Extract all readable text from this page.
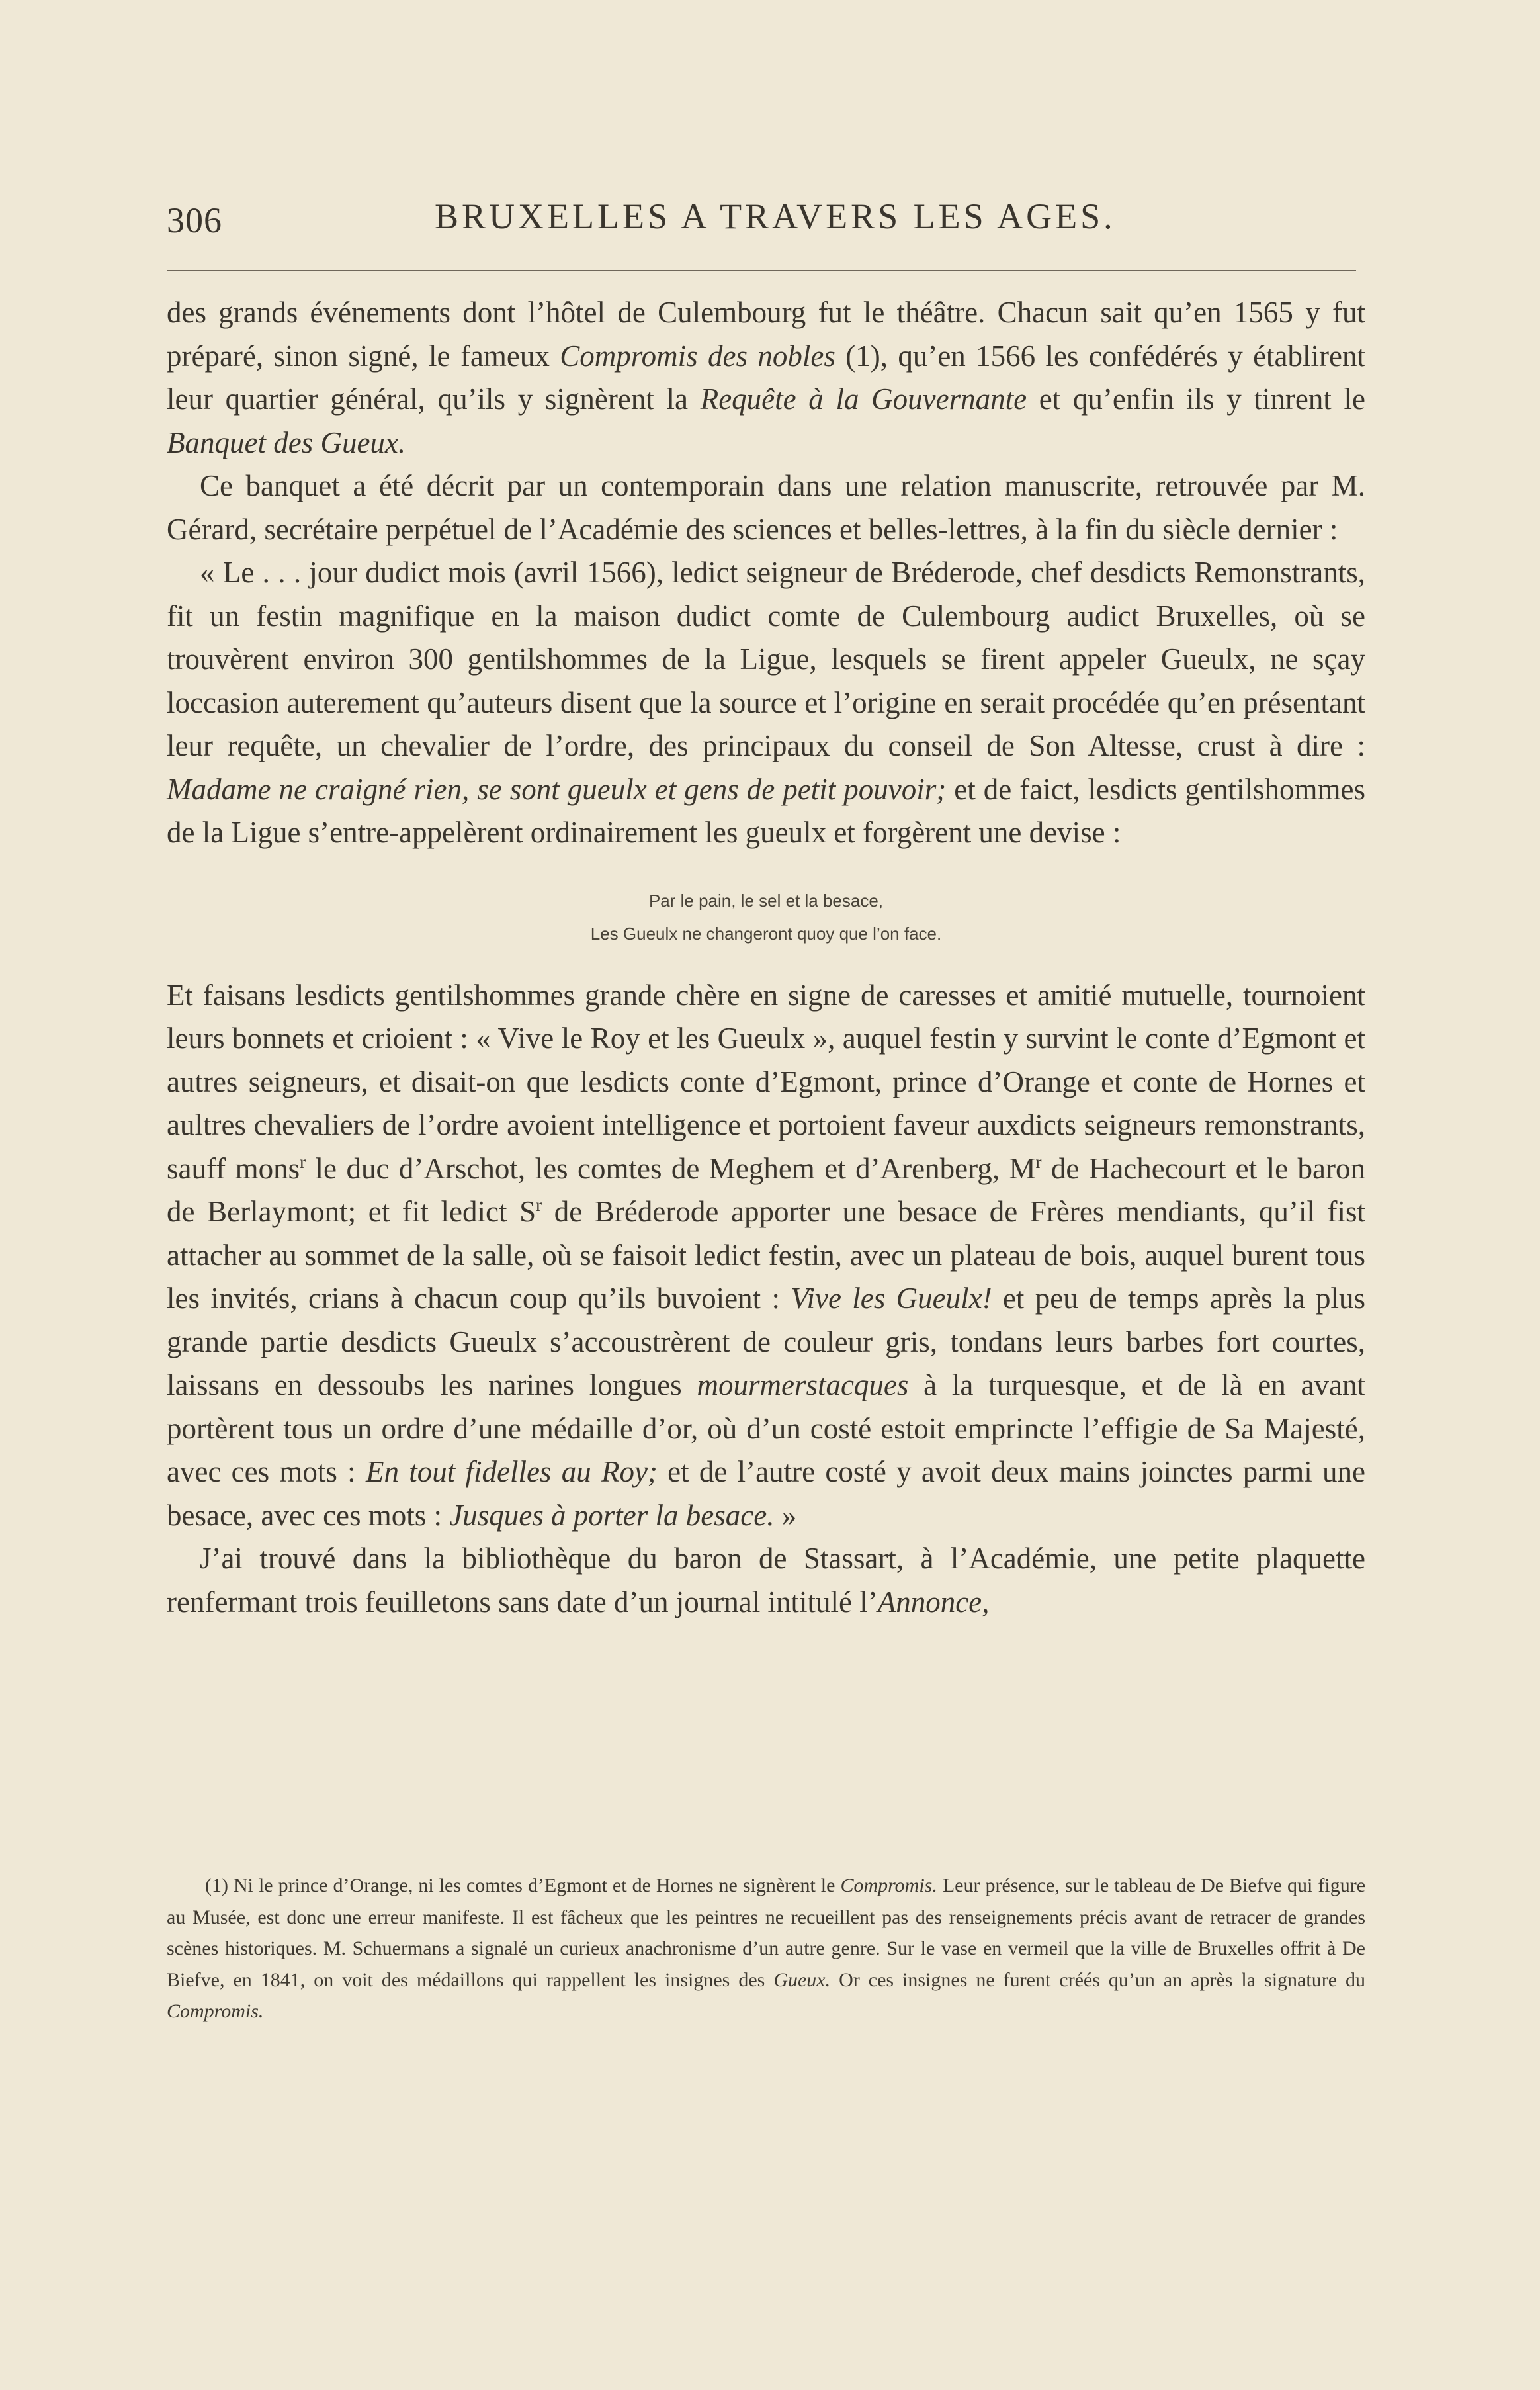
306	BRUXELLES A TRAVERS LES AGES.

des grands événements dont l’hôtel de Culembourg fut le théâtre. Chacun sait qu’en 1565 y fut préparé, sinon signé, le fameux Compromis des nobles (1), qu’en 1566 les confédérés y établirent leur quartier général, qu’ils y signèrent la Requête à la Gouvernante et qu’enfin ils y tinrent le Banquet des Gueux.

Ce banquet a été décrit par un contemporain dans une relation manuscrite, retrouvée par M. Gérard, secrétaire perpétuel de l’Académie des sciences et belles-lettres, à la fin du siècle dernier :

« Le . . . jour dudict mois (avril 1566), ledict seigneur de Bréderode, chef desdicts Remonstrants, fit un festin magnifique en la maison dudict comte de Culembourg audict Bruxelles, où se trouvèrent environ 300 gentilshommes de la Ligue, lesquels se firent appeler Gueulx, ne sçay loccasion auterement qu’auteurs disent que la source et l’origine en serait procédée qu’en présentant leur requête, un chevalier de l’ordre, des principaux du conseil de Son Altesse, crust à dire : Madame ne craigné rien, se sont gueulx et gens de petit pouvoir; et de faict, lesdicts gentilshommes de la Ligue s’entre-appelèrent ordinairement les gueulx et forgèrent une devise :

Par le pain, le sel et la besace,
Les Gueulx ne changeront quoy que l’on face.

Et faisans lesdicts gentilshommes grande chère en signe de caresses et amitié mutuelle, tournoient leurs bonnets et crioient : « Vive le Roy et les Gueulx », auquel festin y survint le conte d’Egmont et autres seigneurs, et disait-on que lesdicts conte d’Egmont, prince d’Orange et conte de Hornes et aultres chevaliers de l’ordre avoient intelligence et portoient faveur auxdicts seigneurs remonstrants, sauff mons$^r$ le duc d’Arschot, les comtes de Meghem et d’Arenberg, $M^r$ de Hachecourt et le baron de Berlaymont; et fit ledict $S^r$ de Bréderode apporter une besace de Frères mendiants, qu’il fist attacher au sommet de la salle, où se faisoit ledict festin, avec un plateau de bois, auquel burent tous les invités, crians à chacun coup qu’ils buvoient : Vive les Gueulx! et peu de temps après la plus grande partie desdicts Gueulx s’accoustrèrent de couleur gris, tondans leurs barbes fort courtes, laissans en dessoubs les narines longues mourmerstacques à la turquesque, et de là en avant portèrent tous un ordre d’une médaille d’or, où d’un costé estoit emprincte l’effigie de Sa Majesté, avec ces mots : En tout fidelles au Roy; et de l’autre costé y avoit deux mains joinctes parmi une besace, avec ces mots : Jusques à porter la besace. »

J’ai trouvé dans la bibliothèque du baron de Stassart, à l’Académie, une petite plaquette renfermant trois feuilletons sans date d’un journal intitulé l’Annonce,

(1) Ni le prince d’Orange, ni les comtes d’Egmont et de Hornes ne signèrent le Compromis. Leur présence, sur le tableau de De Biefve qui figure au Musée, est donc une erreur manifeste. Il est fâcheux que les peintres ne recueillent pas des renseignements précis avant de retracer de grandes scènes historiques. M. Schuermans a signalé un curieux anachronisme d’un autre genre. Sur le vase en vermeil que la ville de Bruxelles offrit à De Biefve, en 1841, on voit des médaillons qui rappellent les insignes des Gueux. Or ces insignes ne furent créés qu’un an après la signature du Compromis.
